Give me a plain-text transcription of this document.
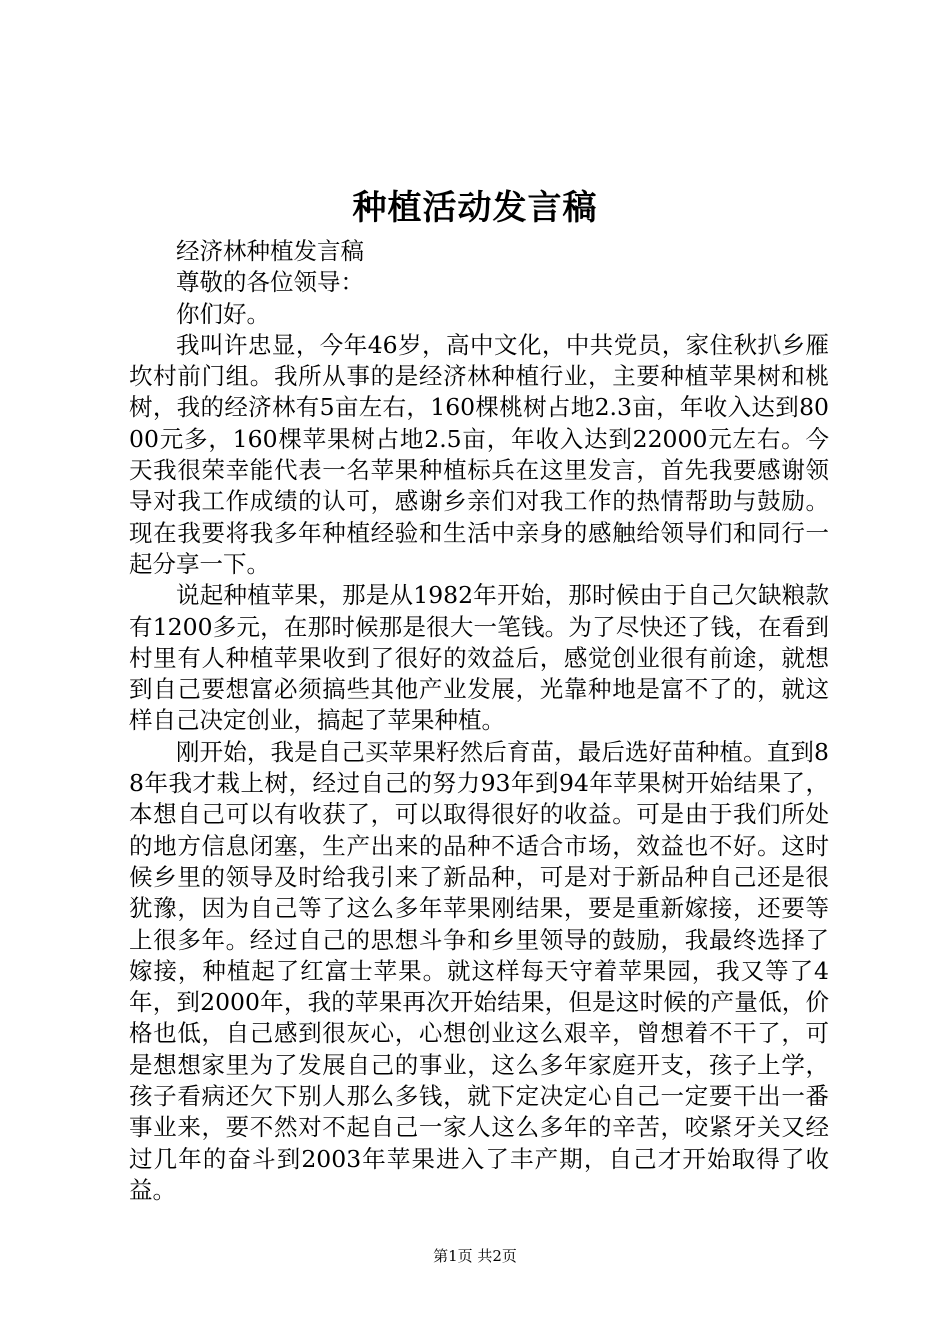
种植活动发言稿

经济林种植发言稿

尊敬的各位领导：

你们好。

我叫许忠显，今年46岁，高中文化，中共党员，家住秋扒乡雁坎村前门组。我所从事的是经济林种植行业，主要种植苹果树和桃树，我的经济林有5亩左右，160棵桃树占地2.3亩，年收入达到8000元多，160棵苹果树占地2.5亩，年收入达到22000元左右。今天我很荣幸能代表一名苹果种植标兵在这里发言，首先我要感谢领导对我工作成绩的认可，感谢乡亲们对我工作的热情帮助与鼓励。现在我要将我多年种植经验和生活中亲身的感触给领导们和同行一起分享一下。

说起种植苹果，那是从1982年开始，那时候由于自己欠缺粮款有1200多元，在那时候那是很大一笔钱。为了尽快还了钱，在看到村里有人种植苹果收到了很好的效益后，感觉创业很有前途，就想到自己要想富必须搞些其他产业发展，光靠种地是富不了的，就这样自己决定创业，搞起了苹果种植。

刚开始，我是自己买苹果籽然后育苗，最后选好苗种植。直到88年我才栽上树，经过自己的努力93年到94年苹果树开始结果了，本想自己可以有收获了，可以取得很好的收益。可是由于我们所处的地方信息闭塞，生产出来的品种不适合市场，效益也不好。这时候乡里的领导及时给我引来了新品种，可是对于新品种自己还是很犹豫，因为自己等了这么多年苹果刚结果，要是重新嫁接，还要等上很多年。经过自己的思想斗争和乡里领导的鼓励，我最终选择了嫁接，种植起了红富士苹果。就这样每天守着苹果园，我又等了4年，到2000年，我的苹果再次开始结果，但是这时候的产量低，价格也低，自己感到很灰心，心想创业这么艰辛，曾想着不干了，可是想想家里为了发展自己的事业，这么多年家庭开支，孩子上学，孩子看病还欠下别人那么多钱，就下定决定心自己一定要干出一番事业来，要不然对不起自己一家人这么多年的辛苦，咬紧牙关又经过几年的奋斗到2003年苹果进入了丰产期，自己才开始取得了收益。

第1页 共2页
